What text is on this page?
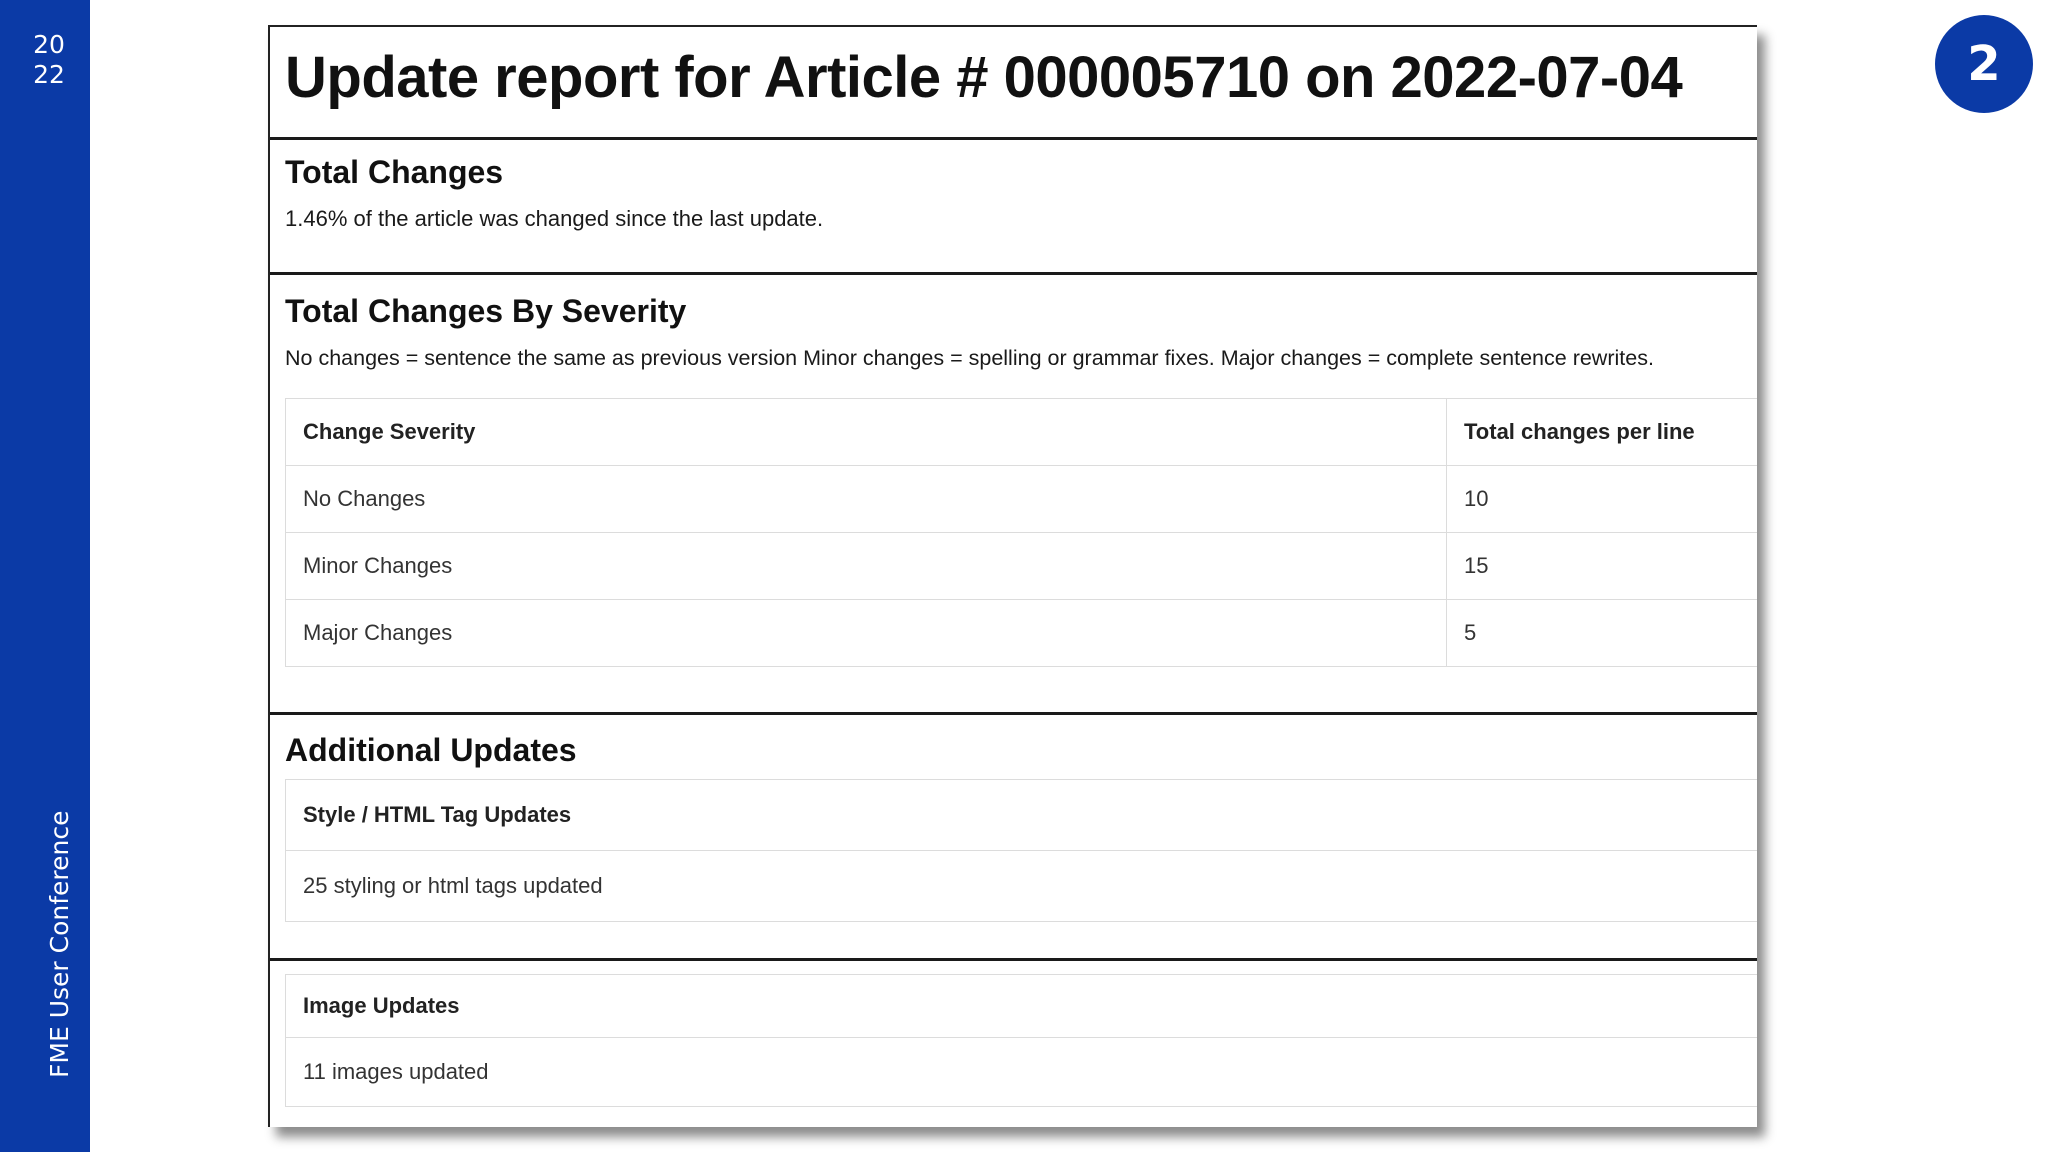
20
22
FME User Conference
2
Update report for Article # 000005710 on 2022-07-04
Total Changes

1.46% of the article was changed since the last update.

Total Changes By Severity

No changes = sentence the same as previous version Minor changes = spelling or grammar fixes. Major changes = complete sentence rewrites.

Change Severity	Total changes per line
No Changes	10
Minor Changes	15
Major Changes	5
Additional Updates
Style / HTML Tag Updates
25 styling or html tags updated
Image Updates
11 images updated
